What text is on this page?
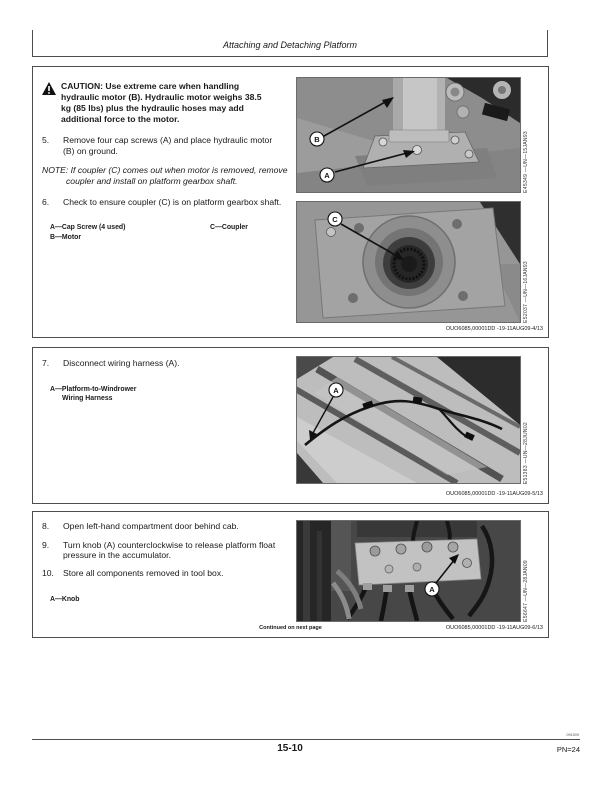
Attaching and Detaching Platform

CAUTION: Use extreme care when handling hydraulic motor (B). Hydraulic motor weighs 38.5 kg (85 lbs) plus the hydraulic hoses may add additional force to the motor.

5.	Remove four cap screws (A) and place hydraulic motor (B) on ground.

NOTE: If coupler (C) comes out when motor is removed, remove coupler and install on platform gearbox shaft.

6.	Check to ensure coupler (C) is on platform gearbox shaft.
A—Cap Screw (4 used)
B—Motor
C—Coupler
B
A	E45349 —UN—15JAN93
C
E52037 —UN—16JAN93
OUO6085,00001DD -19-11AUG09-4/13
7.	Disconnect wiring harness (A).
A—Platform-to-Windrower
Wiring Harness
A
E51383 —UN—28JUN02
OUO6085,00001DD -19-11AUG09-5/13
8.	Open left-hand compartment door behind cab.
9.	Turn knob (A) counterclockwise to release platform float pressure in the accumulator.
10.	Store all components removed in tool box.
A—Knob
A	E56647 —UN—28JAN09
Continued on next page	OUO6085,00001DD -19-11AUG09-6/13
091509
15-10	PN=24
